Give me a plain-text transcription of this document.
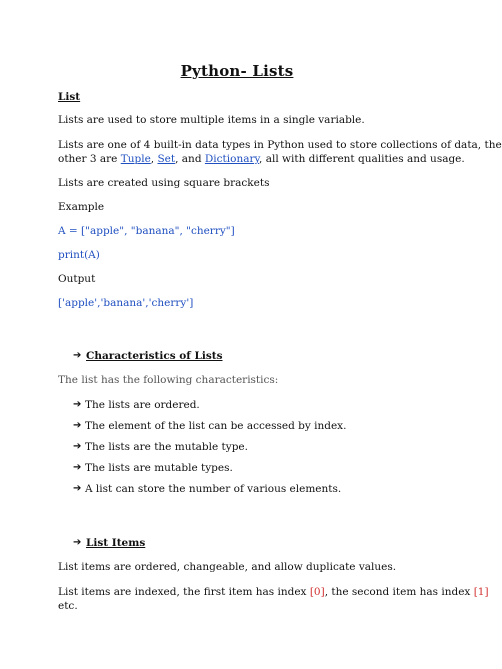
Python- Lists
List
Lists are used to store multiple items in a single variable.
Lists are one of 4 built-in data types in Python used to store collections of data, the
other 3 are Tuple, Set, and Dictionary, all with different qualities and usage.
Lists are created using square brackets
Example
A = ["apple", "banana", "cherry"]
print(A)
Output
['apple','banana','cherry']
➔ Characteristics of Lists
The list has the following characteristics:
➔ The lists are ordered.
➔ The element of the list can be accessed by index.
➔ The lists are the mutable type.
➔ The lists are mutable types.
➔ A list can store the number of various elements.
➔ List Items
List items are ordered, changeable, and allow duplicate values.
List items are indexed, the first item has index [0], the second item has index [1]
etc.
